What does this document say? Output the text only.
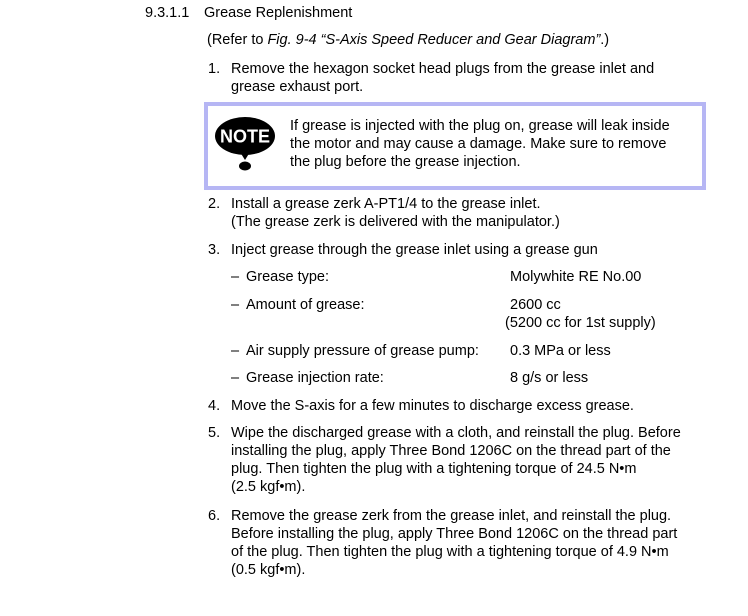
9.3.1.1 Grease Replenishment
(Refer to Fig. 9-4 “S-Axis Speed Reducer and Gear Diagram”.)
1. Remove the hexagon socket head plugs from the grease inlet and
grease exhaust port.
NOTE
If grease is injected with the plug on, grease will leak inside
the motor and may cause a damage. Make sure to remove
the plug before the grease injection.
2. Install a grease zerk A-PT1/4 to the grease inlet.
(The grease zerk is delivered with the manipulator.)
3. Inject grease through the grease inlet using a grease gun
– Grease type:	Molywhite RE No.00
– Amount of grease:	2600 cc
(5200 cc for 1st supply)
– Air supply pressure of grease pump: 0.3 MPa or less
– Grease injection rate:	8 g/s or less
4. Move the S-axis for a few minutes to discharge excess grease.
5. Wipe the discharged grease with a cloth, and reinstall the plug. Before
installing the plug, apply Three Bond 1206C on the thread part of the
plug. Then tighten the plug with a tightening torque of 24.5 N•m
(2.5 kgf•m).
6. Remove the grease zerk from the grease inlet, and reinstall the plug.
Before installing the plug, apply Three Bond 1206C on the thread part
of the plug. Then tighten the plug with a tightening torque of 4.9 N•m
(0.5 kgf•m).
